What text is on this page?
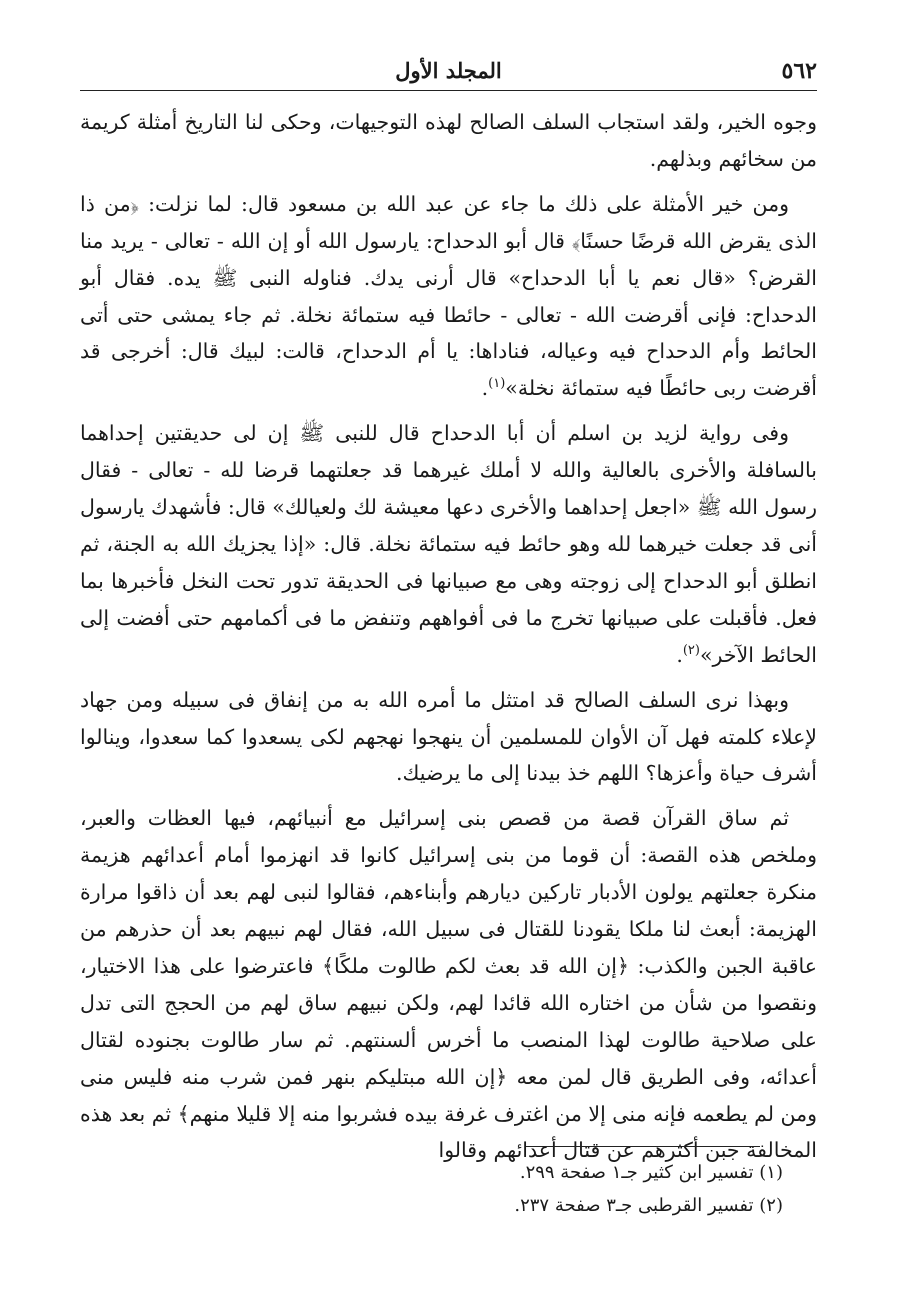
٥٦٢
المجلد الأول

وجوه الخير، ولقد استجاب السلف الصالح لهذه التوجيهات، وحكى لنا التاريخ أمثلة كريمة من سخائهم وبذلهم.

ومن خير الأمثلة على ذلك ما جاء عن عبد الله بن مسعود قال: لما نزلت: ﴿من ذا الذى يقرض الله قرضًا حسنًا﴾ قال أبو الدحداح: يارسول الله أو إن الله - تعالى - يريد منا القرض؟ «قال نعم يا أبا الدحداح» قال أرنى يدك. فناوله النبى ﷺ يده. فقال أبو الدحداح: فإنى أقرضت الله - تعالى - حائطا فيه ستمائة نخلة. ثم جاء يمشى حتى أتى الحائط وأم الدحداح فيه وعياله، فناداها: يا أم الدحداح، قالت: لبيك قال: أخرجى قد أقرضت ربى حائطًا فيه ستمائة نخلة»$^{(١)}$.

وفى رواية لزيد بن اسلم أن أبا الدحداح قال للنبى ﷺ إن لى حديقتين إحداهما بالسافلة والأخرى بالعالية والله لا أملك غيرهما قد جعلتهما قرضا لله - تعالى - فقال رسول الله ﷺ «اجعل إحداهما والأخرى دعها معيشة لك ولعيالك» قال: فأشهدك يارسول أنى قد جعلت خيرهما لله وهو حائط فيه ستمائة نخلة. قال: «إذا يجزيك الله به الجنة، ثم انطلق أبو الدحداح إلى زوجته وهى مع صبيانها فى الحديقة تدور تحت النخل فأخبرها بما فعل. فأقبلت على صبيانها تخرج ما فى أفواههم وتنفض ما فى أكمامهم حتى أفضت إلى الحائط الآخر»$^{(٢)}$.

وبهذا نرى السلف الصالح قد امتثل ما أمره الله به من إنفاق فى سبيله ومن جهاد لإعلاء كلمته فهل آن الأوان للمسلمين أن ينهجوا نهجهم لكى يسعدوا كما سعدوا، وينالوا أشرف حياة وأعزها؟ اللهم خذ بيدنا إلى ما يرضيك.

ثم ساق القرآن قصة من قصص بنى إسرائيل مع أنبيائهم، فيها العظات والعبر، وملخص هذه القصة: أن قوما من بنى إسرائيل كانوا قد انهزموا أمام أعدائهم هزيمة منكرة جعلتهم يولون الأدبار تاركين ديارهم وأبناءهم، فقالوا لنبى لهم بعد أن ذاقوا مرارة الهزيمة: أبعث لنا ملكا يقودنا للقتال فى سبيل الله، فقال لهم نبيهم بعد أن حذرهم من عاقبة الجبن والكذب: ﴿إن الله قد بعث لكم طالوت ملكًا﴾ فاعترضوا على هذا الاختيار، ونقصوا من شأن من اختاره الله قائدا لهم، ولكن نبيهم ساق لهم من الحجج التى تدل على صلاحية طالوت لهذا المنصب ما أخرس ألسنتهم. ثم سار طالوت بجنوده لقتال أعدائه، وفى الطريق قال لمن معه ﴿إن الله مبتليكم بنهر فمن شرب منه فليس منى ومن لم يطعمه فإنه منى إلا من اغترف غرفة بيده فشربوا منه إلا قليلا منهم﴾ ثم بعد هذه المخالفة جبن أكثرهم عن قتال أعدائهم وقالوا

(١) تفسير ابن كثير جـ١ صفحة ٢٩٩.

(٢) تفسير القرطبى جـ٣ صفحة ٢٣٧.
